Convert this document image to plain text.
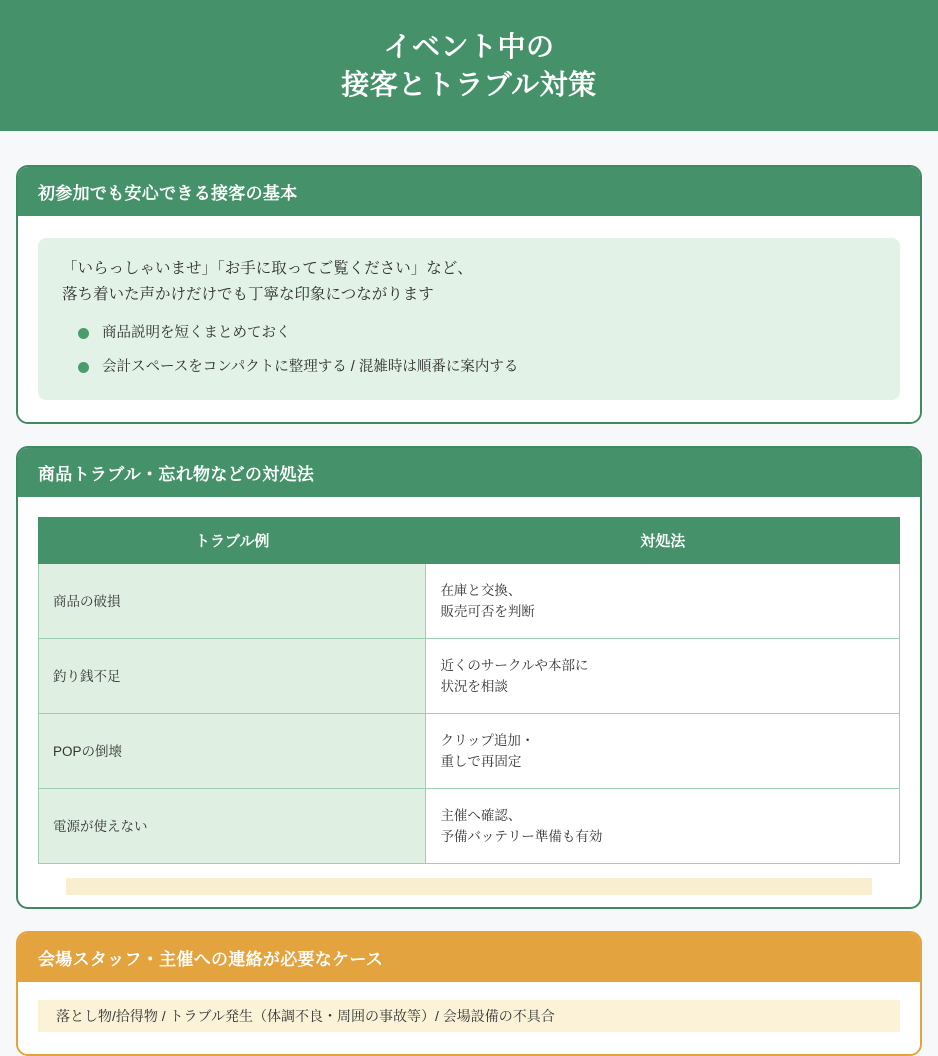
イベント中の
接客とトラブル対策
初参加でも安心できる接客の基本
「いらっしゃいませ」「お手に取ってご覧ください」など、
落ち着いた声かけだけでも丁寧な印象につながります
商品説明を短くまとめておく
会計スペースをコンパクトに整理する / 混雑時は順番に案内する
商品トラブル・忘れ物などの対処法
トラブル例	対処法
商品の破損	在庫と交換、
販売可否を判断

釣り銭不足	近くのサークルや本部に
状況を相談

POPの倒壊	クリップ追加・
重しで再固定

電源が使えない	主催へ確認、
予備バッテリー準備も有効
会場スタッフ・主催への連絡が必要なケース
落とし物/拾得物 / トラブル発生（体調不良・周囲の事故等）/ 会場設備の不具合
